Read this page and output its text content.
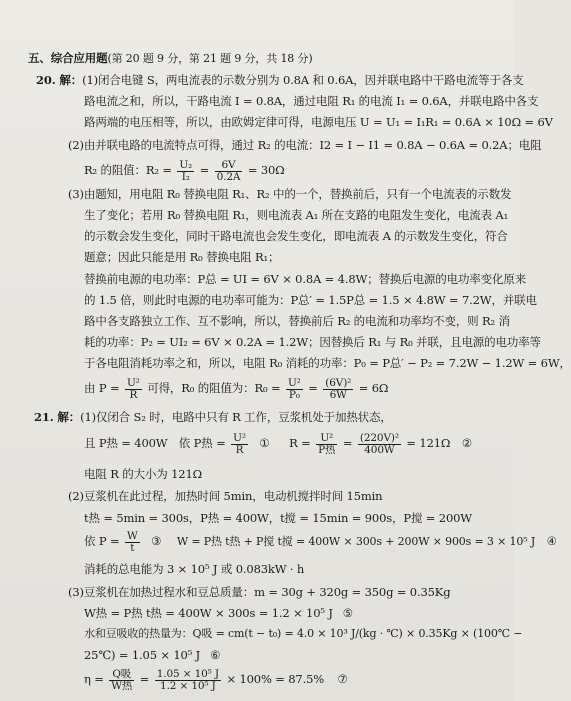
五、综合应用题(第 20 题 9 分，第 21 题 9 分，共 18 分)
20. 解：(1)闭合电键 S，两电流表的示数分别为 0.8A 和 0.6A，因并联电路中干路电流等于各支
路电流之和，所以，干路电流 I = 0.8A，通过电阻 R₁ 的电流 I₁ = 0.6A，并联电路中各支
路两端的电压相等，所以，由欧姆定律可得，电源电压 U = U₁ = I₁R₁ = 0.6A × 10Ω = 6V
(2)由并联电路的电流特点可得，通过 R₂ 的电流：I2 = I − I1 = 0.8A − 0.6A = 0.2A；电阻
R₂ 的阻值：$R_2 = \frac{\text{U₂}}{\text{I₂}} = \frac{6V}{0.2A} = 30\Omega$
(3)由题知，用电阻 R₀ 替换电阻 R₁、R₂ 中的一个，替换前后，只有一个电流表的示数发
生了变化；若用 R₀ 替换电阻 R₁，则电流表 A₁ 所在支路的电阻发生变化，电流表 A₁
的示数会发生变化，同时干路电流也会发生变化，即电流表 A 的示数发生变化，符合
题意；因此只能是用 R₀ 替换电阻 R₁；
替换前电源的电功率：P总 = UI = 6V × 0.8A = 4.8W；替换后电源的电功率变化原来
的 1.5 倍，则此时电源的电功率可能为：P总′ = 1.5P总 = 1.5 × 4.8W = 7.2W，并联电
路中各支路独立工作、互不影响，所以，替换前后 R₂ 的电流和功率均不变，则 R₂ 消
耗的功率：P₂ = UI₂ = 6V × 0.2A = 1.2W；因替换后 R₁ 与 R₀ 并联，且电源的电功率等
于各电阻消耗功率之和，所以，电阻 R₀ 消耗的功率：P₀ = P总′ − P₂ = 7.2W − 1.2W = 6W，
由 $P = \frac{\text{U²}}{R}$ 可得，R₀ 的阻值为：$R_0 = \frac{\text{U²}}{\text{P₀}} = \frac{\text{(6V)²}}{6W} = 6\Omega$
21. 解：(1)仅闭合 S₂ 时，电路中只有 R 工作，豆浆机处于加热状态，
且 P热 = 400W　依 P热 = $\frac{\text{U²}}{R}$ ① $R = \frac{\text{U²}}{\text{P热}} = \frac{\text{(220V)²}}{400W} = 121\Omega$ ②
电阻 R 的大小为 121Ω
(2)豆浆机在此过程，加热时间 5min，电动机搅拌时间 15min
t热 = 5min = 300s，P热 = 400W，t搅 = 15min = 900s，P搅 = 200W
依 $P = \frac{W}{t}$ ③ W = P热 t热 + P搅 t搅 = 400W × 300s + 200W × 900s = 3 × 10⁵ J ④
消耗的总电能为 3 × 10⁵ J 或 0.083kW · h
(3)豆浆机在加热过程水和豆总质量：m = 30g + 320g = 350g = 0.35Kg
W热 = P热 t热 = 400W × 300s = 1.2 × 10⁵ J ⑤
水和豆吸收的热量为：Q吸 = cm(t − t₀) = 4.0 × 10³ J/(kg · ℃) × 0.35Kg × (100℃ −
25℃) = 1.05 × 10⁵ J ⑥
$\eta = \frac{\text{Q吸}}{\text{W热}} = \frac{\text{1.05 × 10⁵ J}}{\text{1.2 × 10⁵ J}} \times 100\% = 87.5\%$ ⑦
